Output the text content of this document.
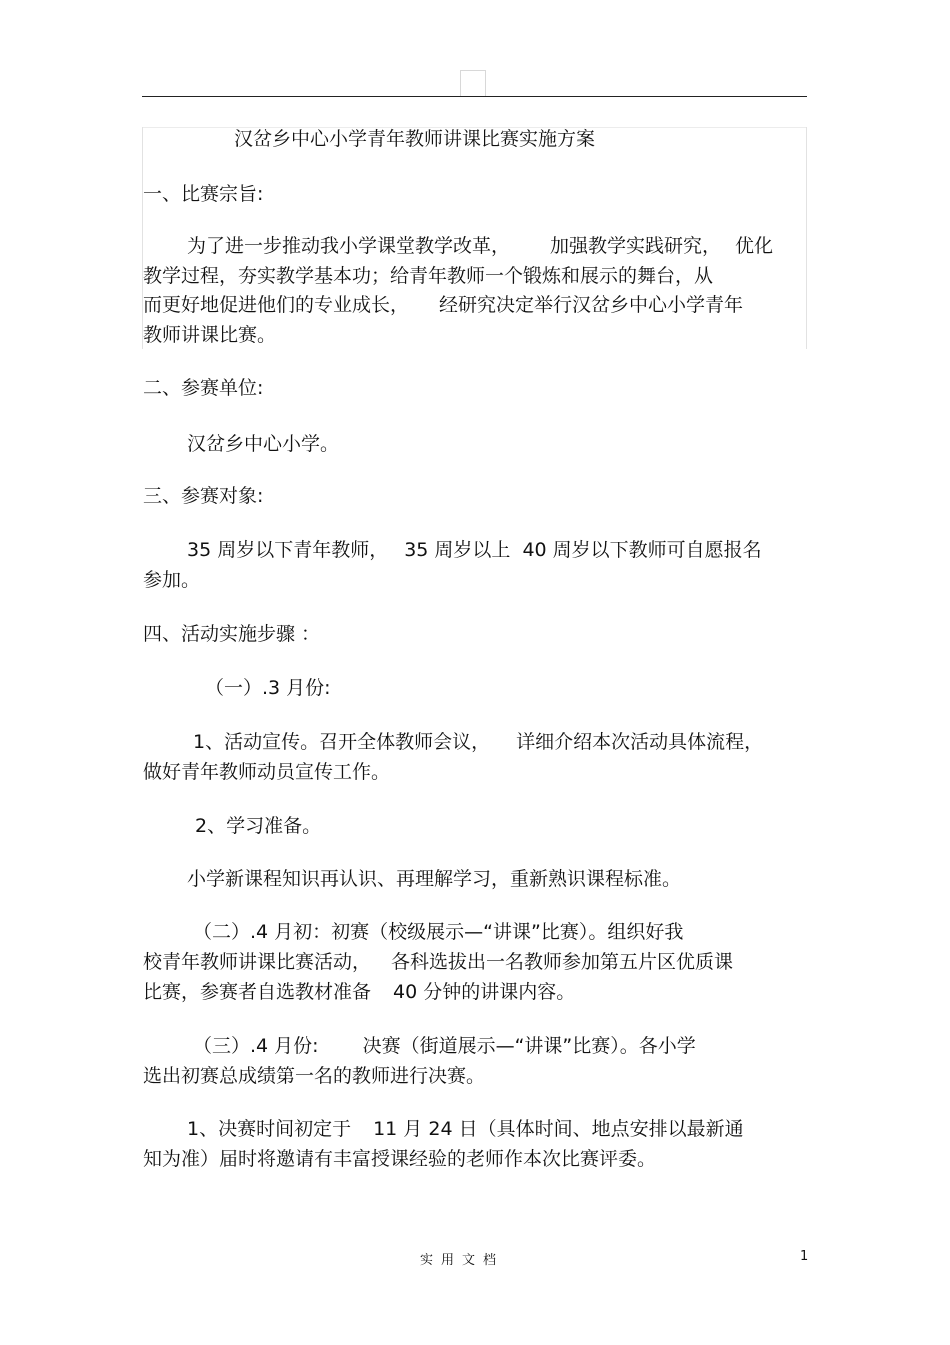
汉岔乡中心小学青年教师讲课比赛实施方案
一、比赛宗旨:
为了进一步推动我小学课堂教学改革， 加强教学实践研究， 优化
教学过程，夯实教学基本功；给青年教师一个锻炼和展示的舞台，从
而更好地促进他们的专业成长， 经研究决定举行汉岔乡中心小学青年
教师讲课比赛。
二、参赛单位:
汉岔乡中心小学。
三、参赛对象:
35 周岁以下青年教师， 35 周岁以上 40 周岁以下教师可自愿报名
参加。
四、活动实施步骤 ：
（一）.3 月份:
1、活动宣传。召开全体教师会议， 详细介绍本次活动具体流程，
做好青年教师动员宣传工作。
2、学习准备。
小学新课程知识再认识、再理解学习，重新熟识课程标准。
（二）.4 月初：初赛（校级展示—“讲课”比赛）。组织好我
校青年教师讲课比赛活动， 各科选拔出一名教师参加第五片区优质课
比赛，参赛者自选教材准备 40 分钟的讲课内容。
（三）.4 月份: 决赛（街道展示—“讲课”比赛）。各小学
选出初赛总成绩第一名的教师进行决赛。
1、决赛时间初定于 11 月 24 日（具体时间、地点安排以最新通
知为准）届时将邀请有丰富授课经验的老师作本次比赛评委。
实用文档	1
